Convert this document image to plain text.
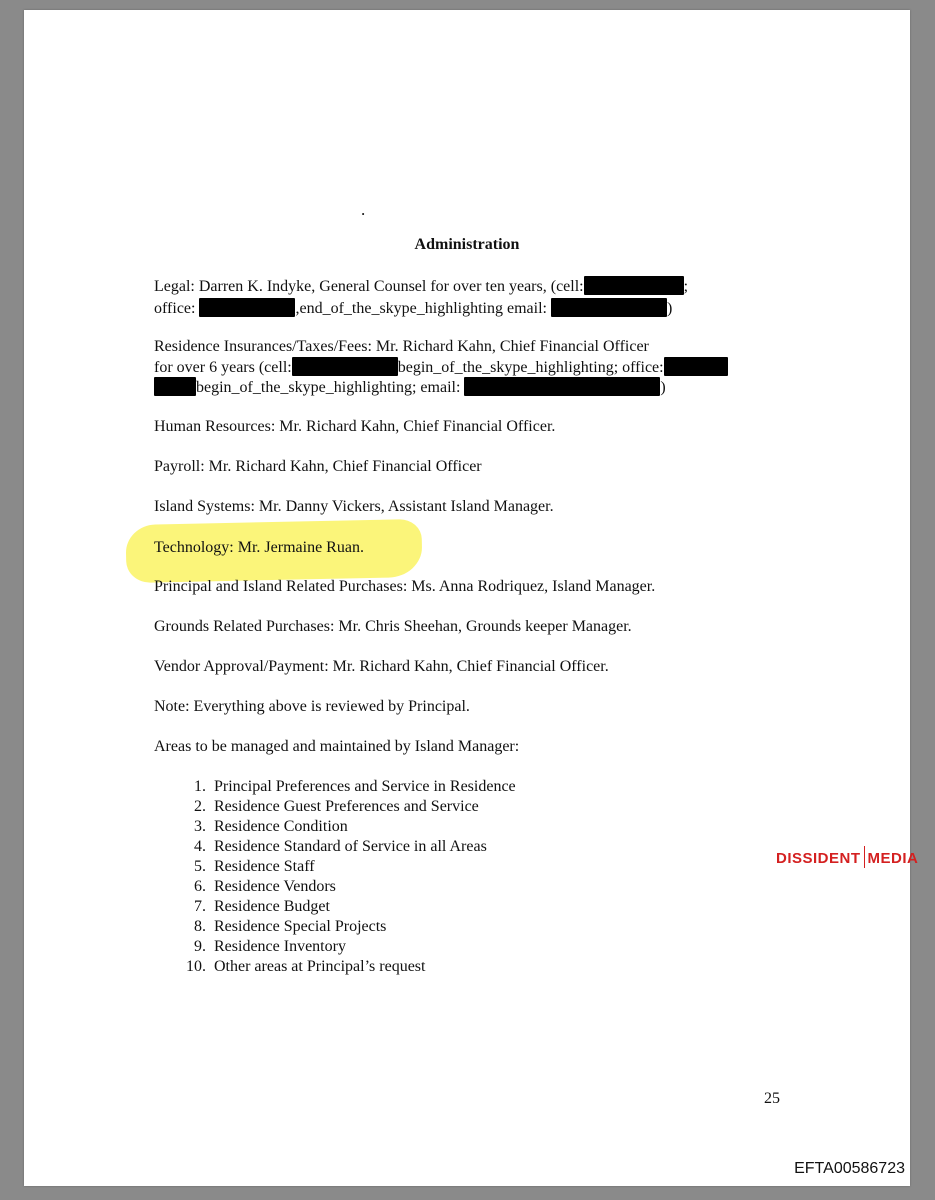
.
Administration
Legal: Darren K. Indyke, General Counsel for over ten years, (cell:	;
office:	,end_of_the_skype_highlighting email:	)
Residence Insurances/Taxes/Fees: Mr. Richard Kahn, Chief Financial Officer
for over 6 years (cell:	begin_of_the_skype_highlighting; office:
begin_of_the_skype_highlighting; email:	)
Human Resources: Mr. Richard Kahn, Chief Financial Officer.
Payroll: Mr. Richard Kahn, Chief Financial Officer
Island Systems: Mr. Danny Vickers, Assistant Island Manager.
Technology: Mr. Jermaine Ruan.
Principal and Island Related Purchases: Ms. Anna Rodriquez, Island Manager.
Grounds Related Purchases: Mr. Chris Sheehan, Grounds keeper Manager.
Vendor Approval/Payment: Mr. Richard Kahn, Chief Financial Officer.
Note: Everything above is reviewed by Principal.
Areas to be managed and maintained by Island Manager:
1. Principal Preferences and Service in Residence
2. Residence Guest Preferences and Service
3. Residence Condition
4. Residence Standard of Service in all Areas
5. Residence Staff
6. Residence Vendors
7. Residence Budget
8. Residence Special Projects
9. Residence Inventory
10. Other areas at Principal’s request
DISSIDENT MEDIA
25
EFTA00586723
